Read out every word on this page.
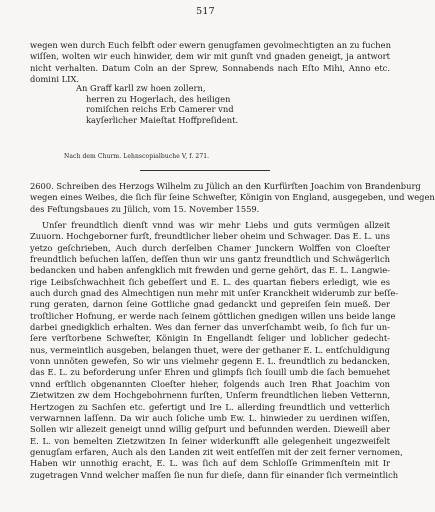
517
wegen wen durch Euch felbft oder ewern genugfamen gevolmechtigten an zu fuchen
wiſſen, wolten wir euch hinwider, dem wir mit gunſt vnd gnaden geneigt, ja antwort
nicht verhalten. Datum Coln an der Sprew, Sonnabends nach Eſto Mihi, Anno etc.
domini LIX.
An Graff karll zw hoen zollern,
herren zu Hogerlach, des heiligen
romiſchen reichs Erb Camerer vnd
kayſerlicher Maieſtat Hoffpreſident.
Nach dem Churm. Lehnscopialbuche V, f. 271.
2600. Schreiben des Herzogs Wilhelm zu Jülich an den Kurfürſten Joachim von Brandenburg
wegen eines Weibes, die ſich für ſeine Schweſter, Königin von England, ausgegeben, und wegen
des Feſtungsbaues zu Jülich, vom 15. November 1559.
Unſer freundtlich dienſt vnnd was wir mehr Liebs und guts vermügen allzeit
Zuuorn. Hochgeborner furſt, freundtlicher lieber oheim und Schwager. Das E. L. uns
yetzo geſchrieben, Auch durch derſelben Chamer Junckern Wolffen von Cloeſter
freundtlich beſuchen laſſen, deſſen thun wir uns gantz freundtlich und Schwägerlich
bedancken und haben anfengklich mit frewden und gerne gehört, das E. L. Langwie-
rige Leibsſchwachheit ſich gebeſſert und E. L. des quartan fiebers erledigt, wie es
auch durch gnad des Almechtigen nun mehr mit unſer Kranckheit widerumb zur beſſe-
rung geraten, darnon ſeine Gottliche gnad gedanckt und gepreiſen ſein mueß. Der
troſtlicher Hofnung, er werde nach ſeinem göttlichen gnedigen willen uns beide lange
darbei gnedigklich erhalten. Wes dan ferner das unverſchambt weib, ſo ſich fur un-
ſere verſtorbene Schweſter, Königin In Engellandt ſeliger und loblicher gedecht-
nus, vermeintlich ausgeben, belangen thuet, were der gethaner E. L. entſchuldigung
vonn unnöten gewefen, So wir uns vielmehr gegenn E. L. freundtlich zu bedancken,
das E. L. zu beforderung unſer Ehren und glimpfs ſich ſouill umb die ſach bemuehet
vnnd erſtlich obgenannten Cloeſter hieher, folgends auch Iren Rhat Joachim von
Zietwitzen zw dem Hochgebohrnenn furſten, Unſerm freundtlichen lieben Vetternn,
Hertzogen zu Sachſen etc. gefertigt und Ire L. allerding freundtlich und vetterlich
verwarnnen laſſenn. Da wir auch ſoliche umb Ew. L. hinwieder zu uerdinen wiſſen,
Sollen wir allezeit geneigt unnd willig geſpurt und befunnden werden. Dieweill aber
E. L. von bemelten Zietzwitzen In ſeiner widerkunfft alle gelegenheit ungezweifelt
genugſam erfaren, Auch als den Landen zit weit entſeſſen mit der zeit ferner vernomen,
Haben wir unnothig eracht, E. L. was ſich auf dem Schloſſe Grimmenſtein mit Ir
zugetragen Vnnd welcher maſſen ſie nun fur dieſe, dann für einander ſich vermeintlich
